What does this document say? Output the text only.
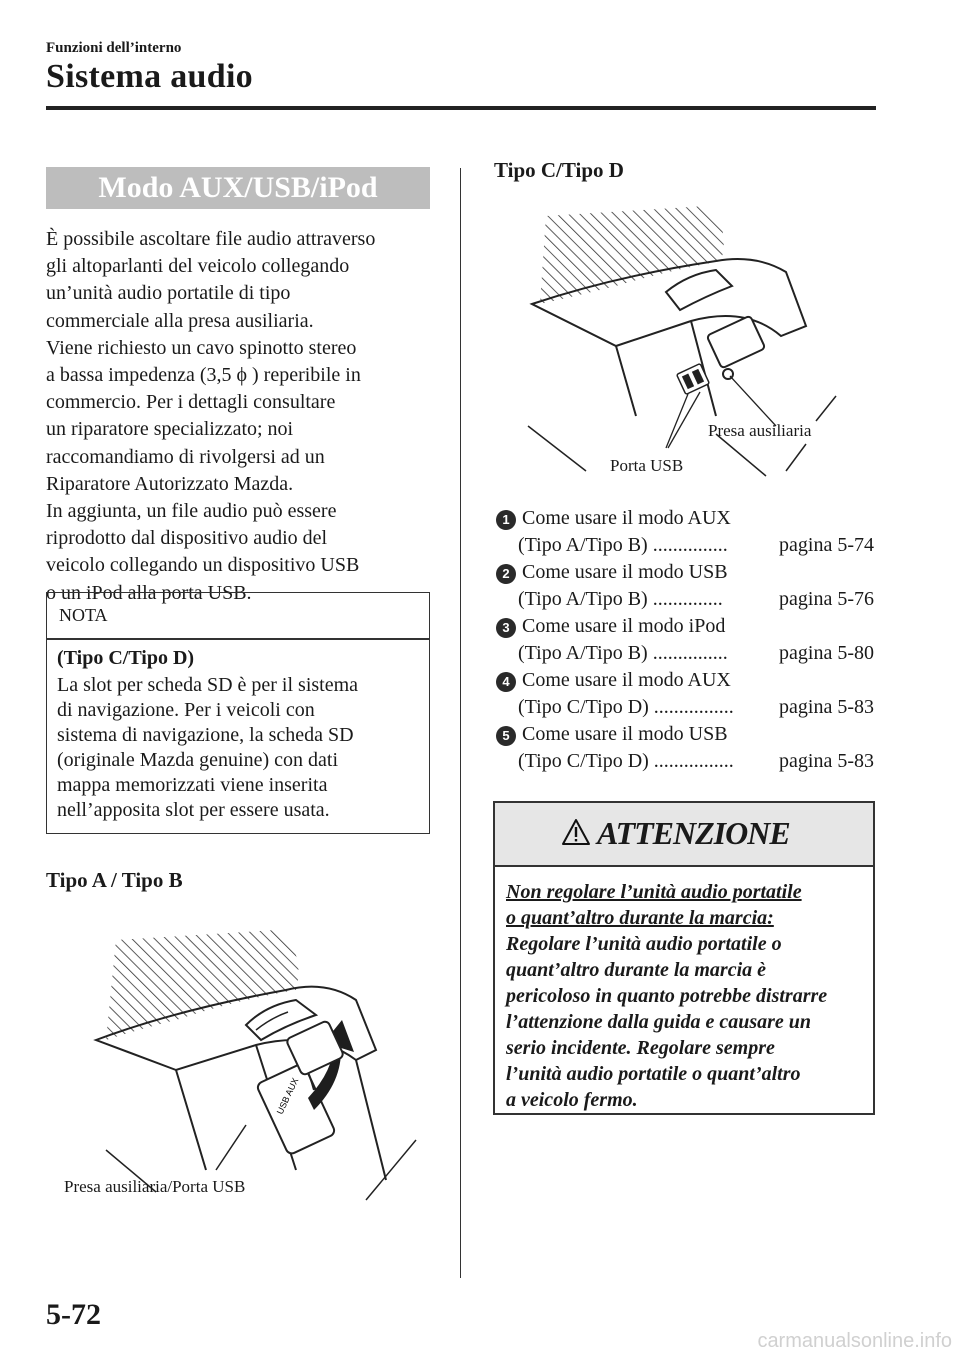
Funzioni dell’interno
Sistema audio
Modo AUX/USB/iPod

È possibile ascoltare file audio attraverso

gli altoparlanti del veicolo collegando

un’unità audio portatile di tipo

commerciale alla presa ausiliaria.

Viene richiesto un cavo spinotto stereo

a bassa impedenza (3,5 ϕ ) reperibile in

commercio. Per i dettagli consultare

un riparatore specializzato; noi

raccomandiamo di rivolgersi ad un

Riparatore Autorizzato Mazda.

In aggiunta, un file audio può essere

riprodotto dal dispositivo audio del

veicolo collegando un dispositivo USB

o un iPod alla porta USB.

NOTA
(Tipo C/Tipo D)
La slot per scheda SD è per il sistema
di navigazione. Per i veicoli con
sistema di navigazione, la scheda SD
(originale Mazda genuine) con dati
mappa memorizzati viene inserita
nell’apposita slot per essere usata.
Tipo A / Tipo B
USB AUX
Presa ausiliaria/Porta USB
Tipo C/Tipo D
Presa ausiliaria
Porta USB
1 Come usare il modo AUX
(Tipo A/Tipo B) ...............	pagina 5-74
2 Come usare il modo USB
(Tipo A/Tipo B) ..............	pagina 5-76
3 Come usare il modo iPod
(Tipo A/Tipo B) ...............	pagina 5-80
4 Come usare il modo AUX
(Tipo C/Tipo D) ................ pagina 5-83
5 Come usare il modo USB
(Tipo C/Tipo D) ................ pagina 5-83
ATTENZIONE
Non regolare l’unità audio portatile
o quant’altro durante la marcia:
Regolare l’unità audio portatile o
quant’altro durante la marcia è
pericoloso in quanto potrebbe distrarre
l’attenzione dalla guida e causare un
serio incidente. Regolare sempre
l’unità audio portatile o quant’altro
a veicolo fermo.
5-72
carmanualsonline.info
